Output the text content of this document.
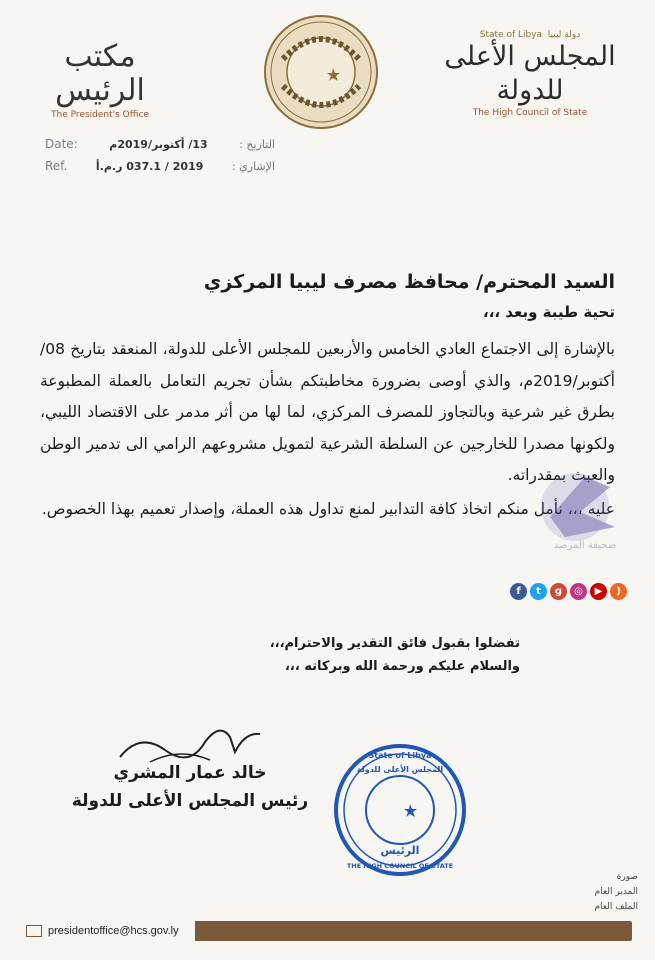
مكتب الرئيس
The President's Office
State of Libya دولة ليبيا
المجلس الأعلى للدولة
The High Council of State
Date:	13/ أكتوبر/2019م	التاريخ :
Ref.	2019 / 037.1 ر.م.أ	الإشاري :
السيد المحترم/ محافظ مصرف ليبيا المركزي
تحية طيبة وبعد ،،،
بالإشارة إلى الاجتماع العادي الخامس والأربعين للمجلس الأعلى للدولة، المنعقد بتاريخ 08/أكتوبر/2019م، والذي أوصى بضرورة مخاطبتكم بشأن تجريم التعامل بالعملة المطبوعة بطرق غير شرعية وبالتجاوز للمصرف المركزي، لما لها من أثر مدمر على الاقتصاد الليبي، ولكونها مصدرا للخارجين عن السلطة الشرعية لتمويل مشروعهم الرامي الى تدمير الوطن والعبث بمقدراته.
عليه ،،، نأمل منكم اتخاذ كافة التدابير لمنع تداول هذه العملة، وإصدار تعميم بهذا الخصوص.
تفضلوا بقبول فائق التقدير والاحترام،،،
والسلام عليكم ورحمة الله وبركاته ،،،
صحيفة المرصد
f	t	g	◎	▶	)
خالد عمار المشري
رئيس المجلس الأعلى للدولة
State of Libya
المجلس الأعلى للدولة
الرئيس
THE HIGH COUNCIL OF STATE
صورة
المدير العام
الملف العام
presidentoffice@hcs.gov.ly
